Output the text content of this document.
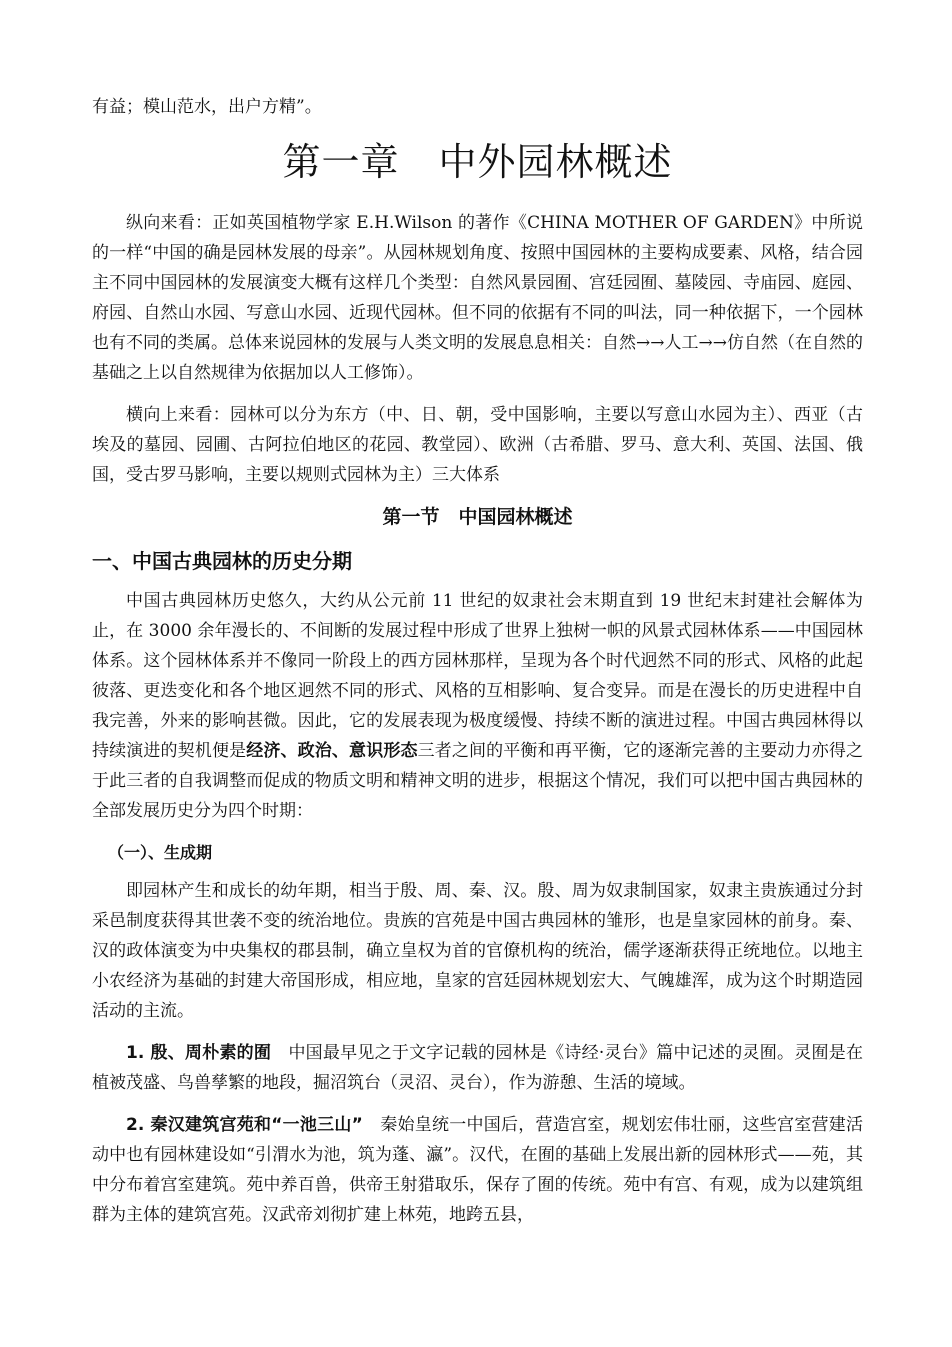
有益；模山范水，出户方精”。

第一章　中外园林概述

纵向来看：正如英国植物学家 E.H.Wilson 的著作《CHINA MOTHER OF GARDEN》中所说的一样“中国的确是园林发展的母亲”。从园林规划角度、按照中国园林的主要构成要素、风格，结合园主不同中国园林的发展演变大概有这样几个类型：自然风景园囿、宫廷园囿、墓陵园、寺庙园、庭园、府园、自然山水园、写意山水园、近现代园林。但不同的依据有不同的叫法，同一种依据下，一个园林也有不同的类属。总体来说园林的发展与人类文明的发展息息相关：自然→→人工→→仿自然（在自然的基础之上以自然规律为依据加以人工修饰）。

横向上来看：园林可以分为东方（中、日、朝，受中国影响，主要以写意山水园为主）、西亚（古埃及的墓园、园圃、古阿拉伯地区的花园、教堂园）、欧洲（古希腊、罗马、意大利、英国、法国、俄国，受古罗马影响，主要以规则式园林为主）三大体系

第一节　中国园林概述
一、中国古典园林的历史分期

中国古典园林历史悠久，大约从公元前 11 世纪的奴隶社会末期直到 19 世纪末封建社会解体为止，在 3000 余年漫长的、不间断的发展过程中形成了世界上独树一帜的风景式园林体系——中国园林体系。这个园林体系并不像同一阶段上的西方园林那样，呈现为各个时代迥然不同的形式、风格的此起彼落、更迭变化和各个地区迥然不同的形式、风格的互相影响、复合变异。而是在漫长的历史进程中自我完善，外来的影响甚微。因此，它的发展表现为极度缓慢、持续不断的演进过程。中国古典园林得以持续演进的契机便是经济、政治、意识形态三者之间的平衡和再平衡，它的逐渐完善的主要动力亦得之于此三者的自我调整而促成的物质文明和精神文明的进步，根据这个情况，我们可以把中国古典园林的全部发展历史分为四个时期：

（一）、生成期

即园林产生和成长的幼年期，相当于殷、周、秦、汉。殷、周为奴隶制国家，奴隶主贵族通过分封采邑制度获得其世袭不变的统治地位。贵族的宫苑是中国古典园林的雏形，也是皇家园林的前身。秦、汉的政体演变为中央集权的郡县制，确立皇权为首的官僚机构的统治，儒学逐渐获得正统地位。以地主小农经济为基础的封建大帝国形成，相应地，皇家的宫廷园林规划宏大、气魄雄浑，成为这个时期造园活动的主流。

1. 殷、周朴素的囿　 中国最早见之于文字记载的园林是《诗经·灵台》篇中记述的灵囿。灵囿是在植被茂盛、鸟兽孳繁的地段，掘沼筑台（灵沼、灵台），作为游憩、生活的境域。

2. 秦汉建筑宫苑和“一池三山”　 秦始皇统一中国后，营造宫室，规划宏伟壮丽，这些宫室营建活动中也有园林建设如“引渭水为池，筑为蓬、瀛”。汉代，在囿的基础上发展出新的园林形式——苑，其中分布着宫室建筑。苑中养百兽，供帝王射猎取乐，保存了囿的传统。苑中有宫、有观，成为以建筑组群为主体的建筑宫苑。汉武帝刘彻扩建上林苑，地跨五县，
